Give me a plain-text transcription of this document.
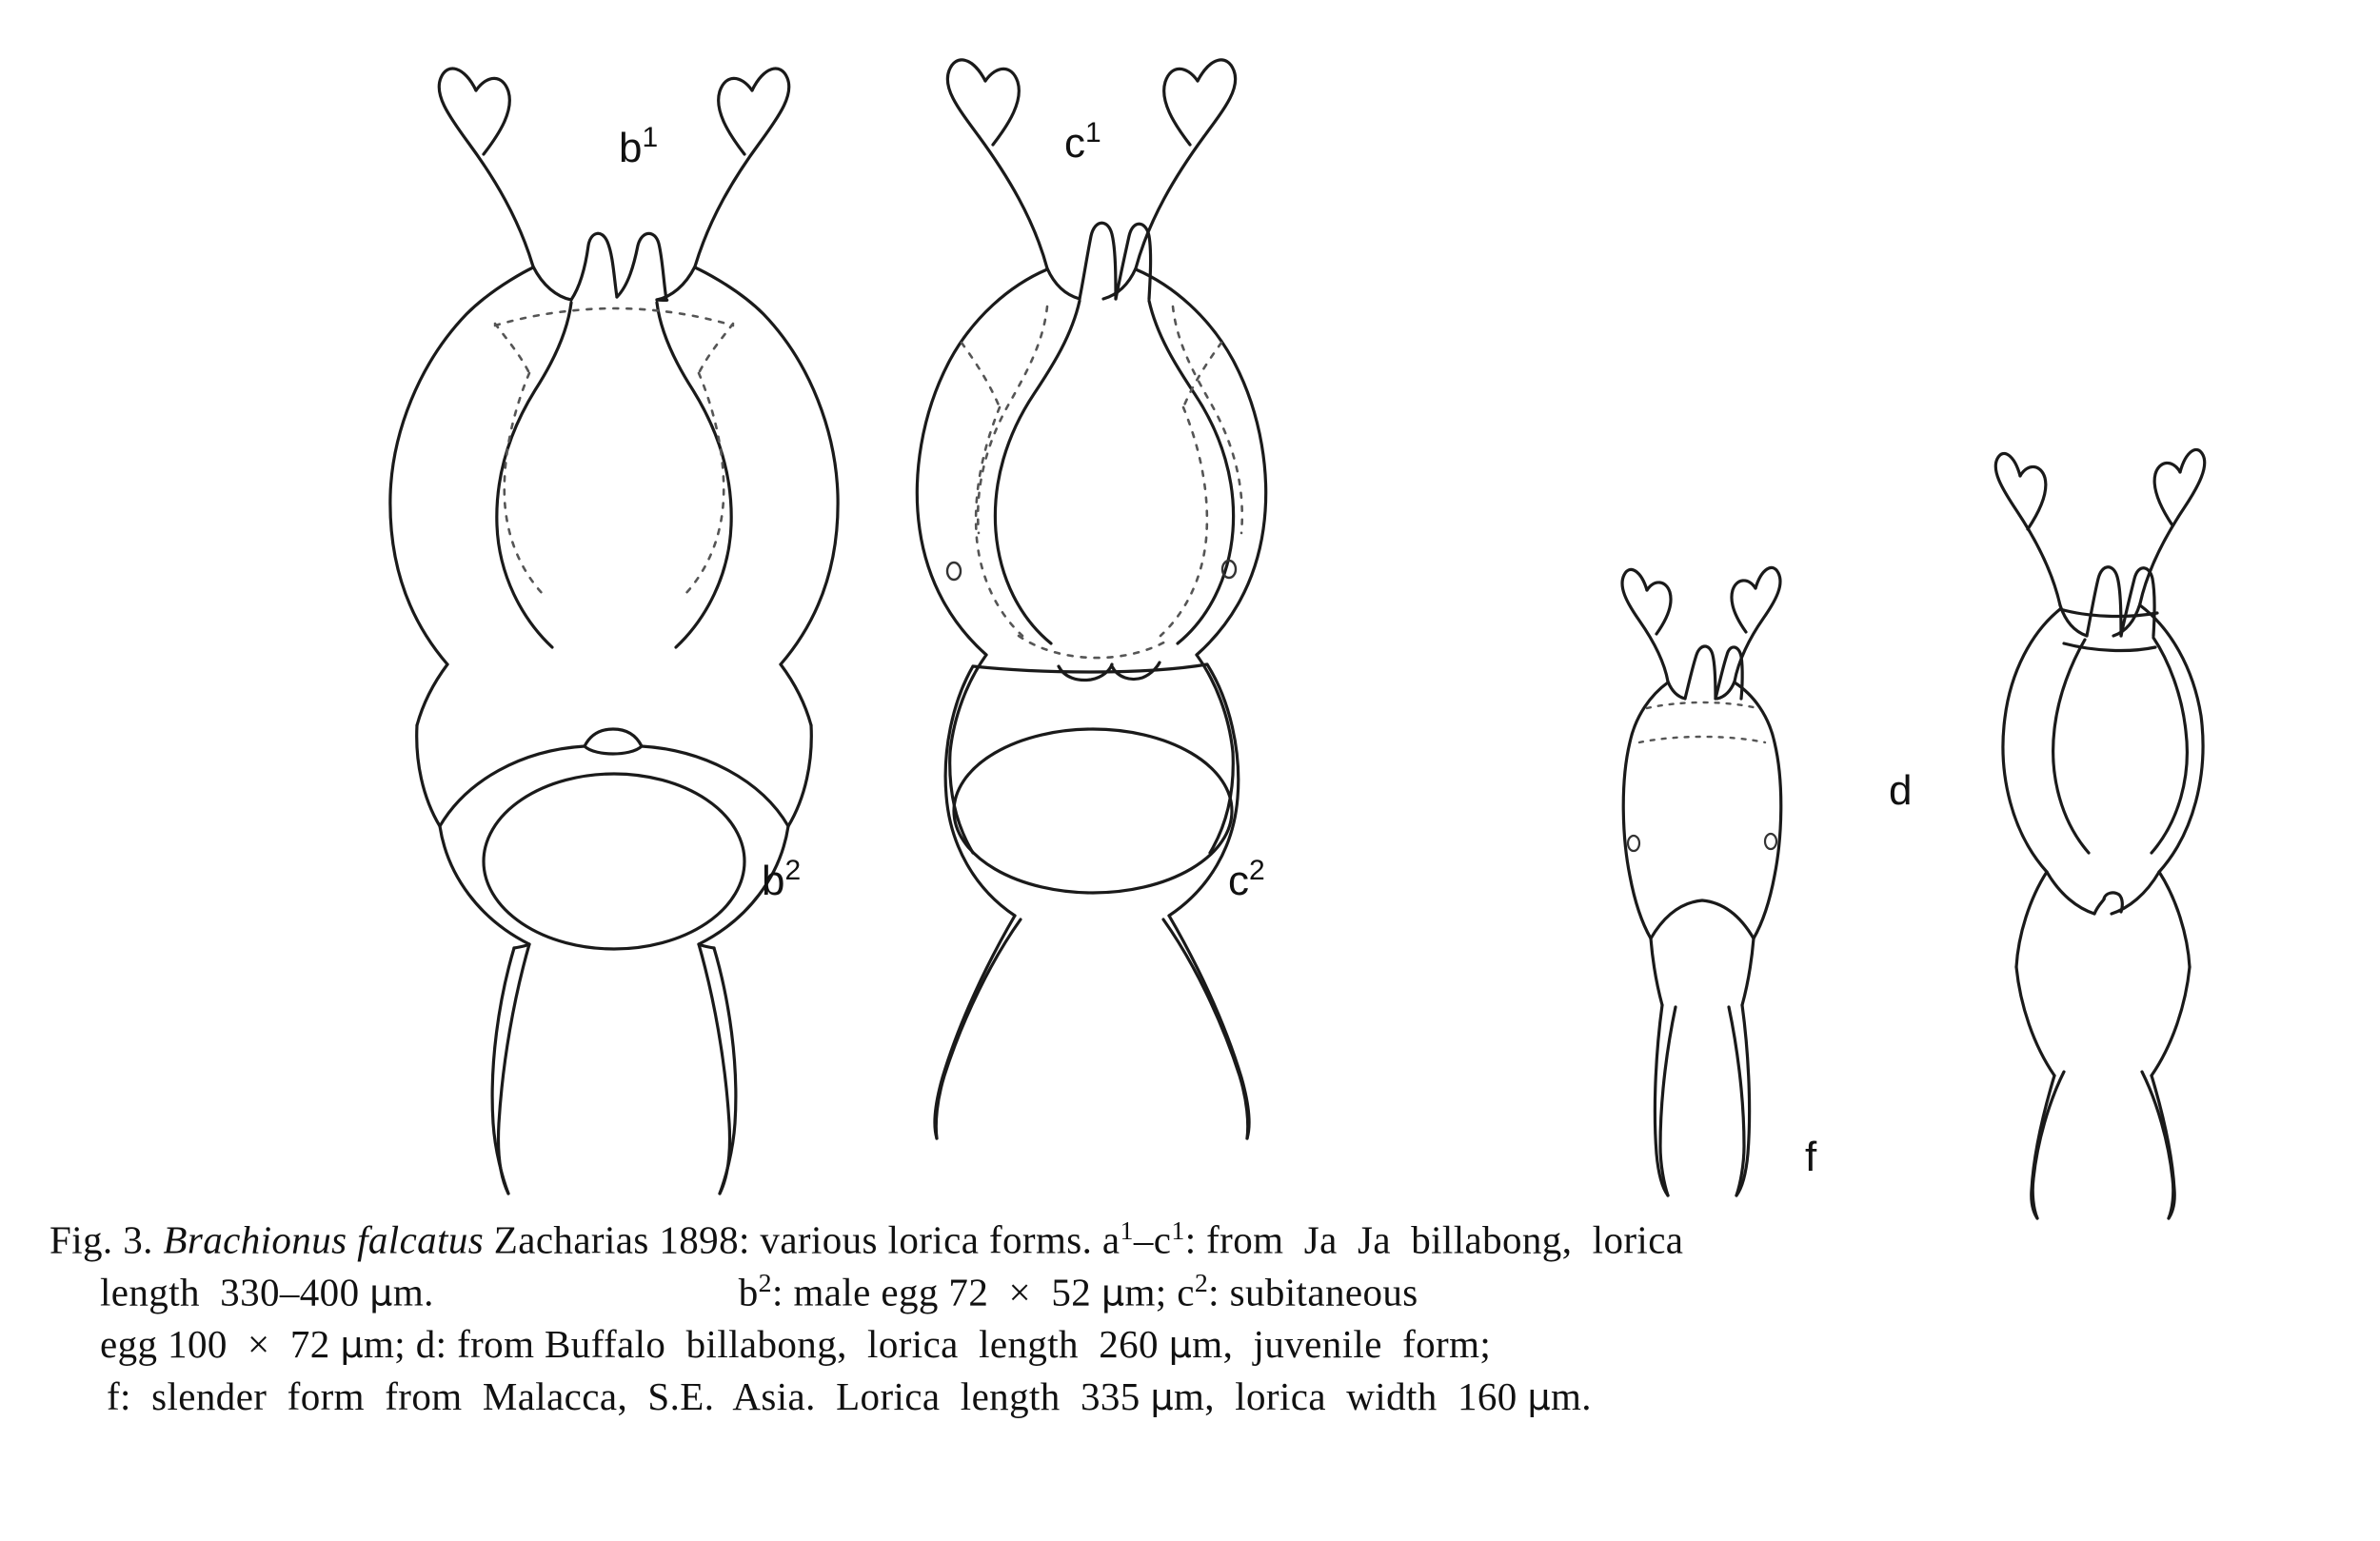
$b^1$	$c^1$
$b^2$	$c^2$
d
f
Fig. 3. Brachionus falcatus Zacharias 1898: various lorica forms. $a^1-c^1$: from  Ja  Ja  billabong,  lorica
length  330–400 μm.	$b^2$: male egg 72  ×  52 μm; $c^2$: subitaneous
egg 100  ×  72 μm; d: from Buffalo  billabong,  lorica  length  260 μm,  juvenile  form;
f:  slender  form  from  Malacca,  S.E.  Asia.  Lorica  length  335 μm,  lorica  width  160 μm.
